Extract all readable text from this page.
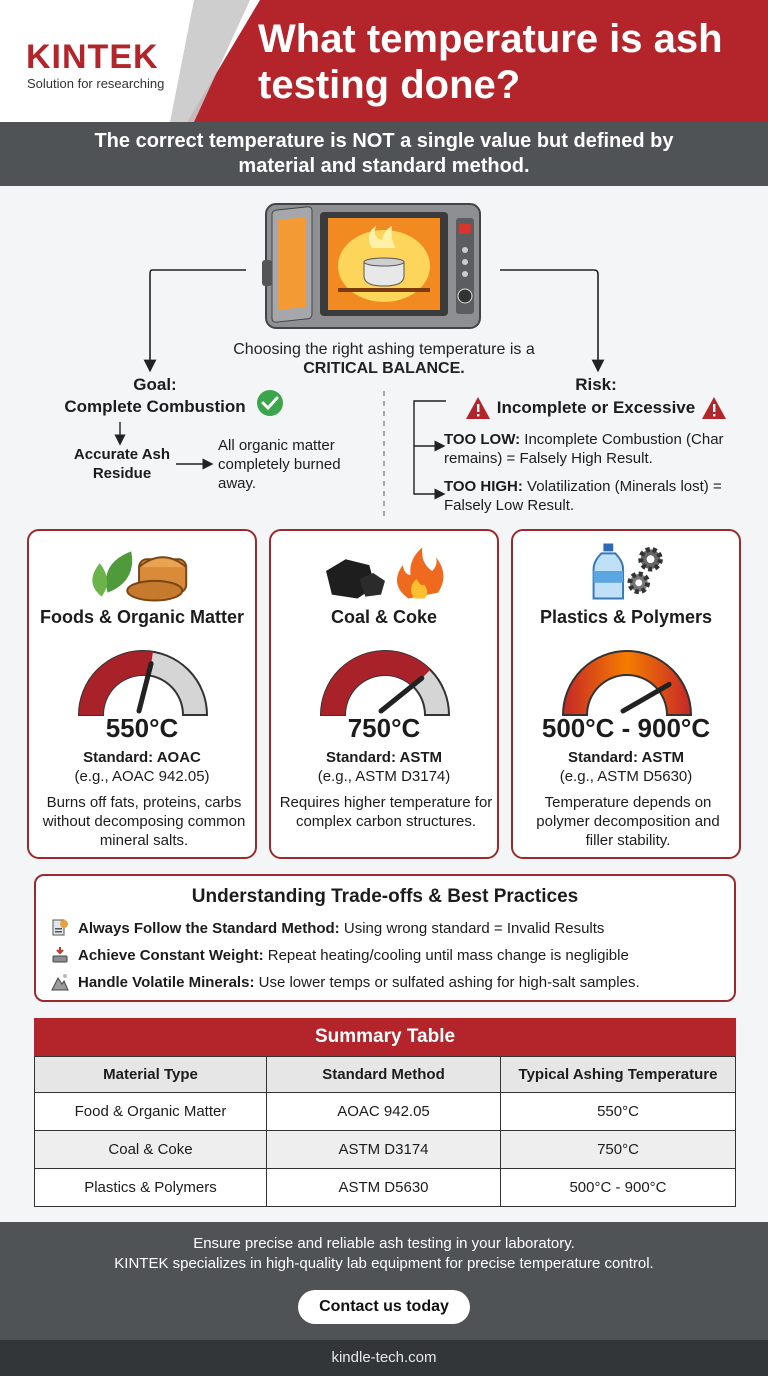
KINTEK
Solution for researching
What temperature is ash testing done?
The correct temperature is NOT a single value but defined by material and standard method.
Choosing the right ashing temperature is a CRITICAL BALANCE.
Goal:
Complete Combustion
Accurate Ash Residue
All organic matter completely burned away.
Risk:
Incomplete or Excessive
TOO LOW: Incomplete Combustion (Char remains) = Falsely High Result.
TOO HIGH: Volatilization (Minerals lost) = Falsely Low Result.
Foods & Organic Matter
550°C
Standard: AOAC
(e.g., AOAC 942.05)
Burns off fats, proteins, carbs without decomposing common mineral salts.
Coal & Coke
750°C
Standard: ASTM
(e.g., ASTM D3174)
Requires higher temperature for complex carbon structures.
Plastics & Polymers
500°C - 900°C
Standard: ASTM
(e.g., ASTM D5630)
Temperature depends on polymer decomposition and filler stability.
Understanding Trade-offs & Best Practices
Always Follow the Standard Method: Using wrong standard = Invalid Results
Achieve Constant Weight: Repeat heating/cooling until mass change is negligible
Handle Volatile Minerals: Use lower temps or sulfated ashing for high-salt samples.
Summary Table
Material Type	Standard Method	Typical Ashing Temperature
Food & Organic Matter	AOAC 942.05	550°C
Coal & Coke	ASTM D3174	750°C
Plastics & Polymers	ASTM D5630	500°C - 900°C
Ensure precise and reliable ash testing in your laboratory.
KINTEK specializes in high-quality lab equipment for precise temperature control.
Contact us today
kindle-tech.com
